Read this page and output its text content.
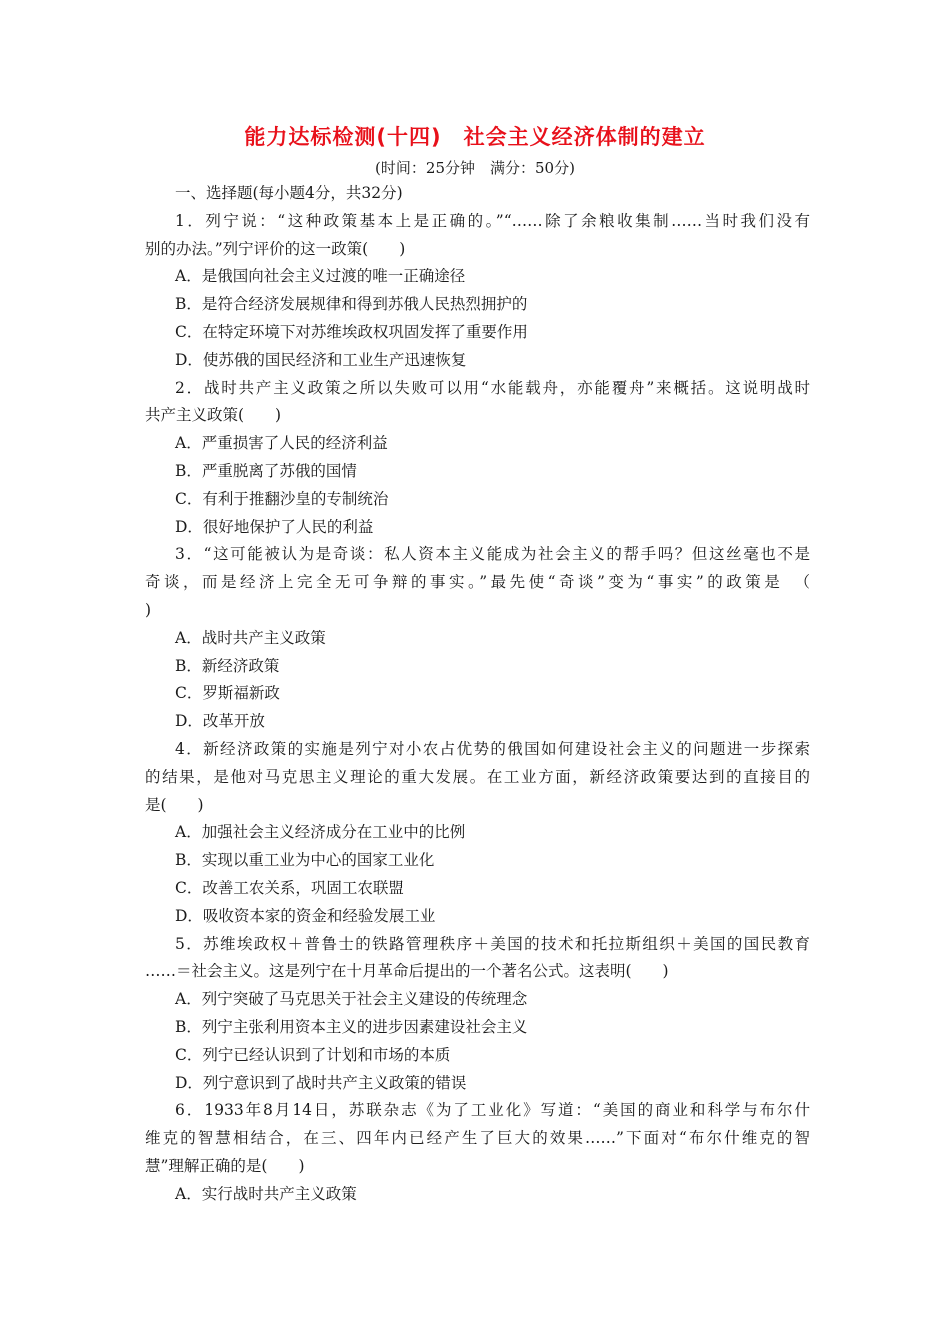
能力达标检测(十四)　社会主义经济体制的建立
(时间：25分钟　满分：50分)
一、选择题(每小题4分，共32分)
1．列宁说：“这种政策基本上是正确的。”“……除了余粮收集制……当时我们没有
别的办法。”列宁评价的这一政策(　　)
A．是俄国向社会主义过渡的唯一正确途径
B．是符合经济发展规律和得到苏俄人民热烈拥护的
C．在特定环境下对苏维埃政权巩固发挥了重要作用
D．使苏俄的国民经济和工业生产迅速恢复
2．战时共产主义政策之所以失败可以用“水能载舟，亦能覆舟”来概括。这说明战时
共产主义政策(　　)
A．严重损害了人民的经济利益
B．严重脱离了苏俄的国情
C．有利于推翻沙皇的专制统治
D．很好地保护了人民的利益
3．“这可能被认为是奇谈：私人资本主义能成为社会主义的帮手吗？但这丝毫也不是
奇谈，而是经济上完全无可争辩的事实。”最先使“奇谈”变为“事实”的政策是　（
)
A．战时共产主义政策
B．新经济政策
C．罗斯福新政
D．改革开放
4．新经济政策的实施是列宁对小农占优势的俄国如何建设社会主义的问题进一步探索
的结果，是他对马克思主义理论的重大发展。在工业方面，新经济政策要达到的直接目的
是(　　)
A．加强社会主义经济成分在工业中的比例
B．实现以重工业为中心的国家工业化
C．改善工农关系，巩固工农联盟
D．吸收资本家的资金和经验发展工业
5．苏维埃政权＋普鲁士的铁路管理秩序＋美国的技术和托拉斯组织＋美国的国民教育
……＝社会主义。这是列宁在十月革命后提出的一个著名公式。这表明(　　)
A．列宁突破了马克思关于社会主义建设的传统理念
B．列宁主张利用资本主义的进步因素建设社会主义
C．列宁已经认识到了计划和市场的本质
D．列宁意识到了战时共产主义政策的错误
6．1933年8月14日，苏联杂志《为了工业化》写道：“美国的商业和科学与布尔什
维克的智慧相结合，在三、四年内已经产生了巨大的效果……”下面对“布尔什维克的智
慧”理解正确的是(　　)
A．实行战时共产主义政策
